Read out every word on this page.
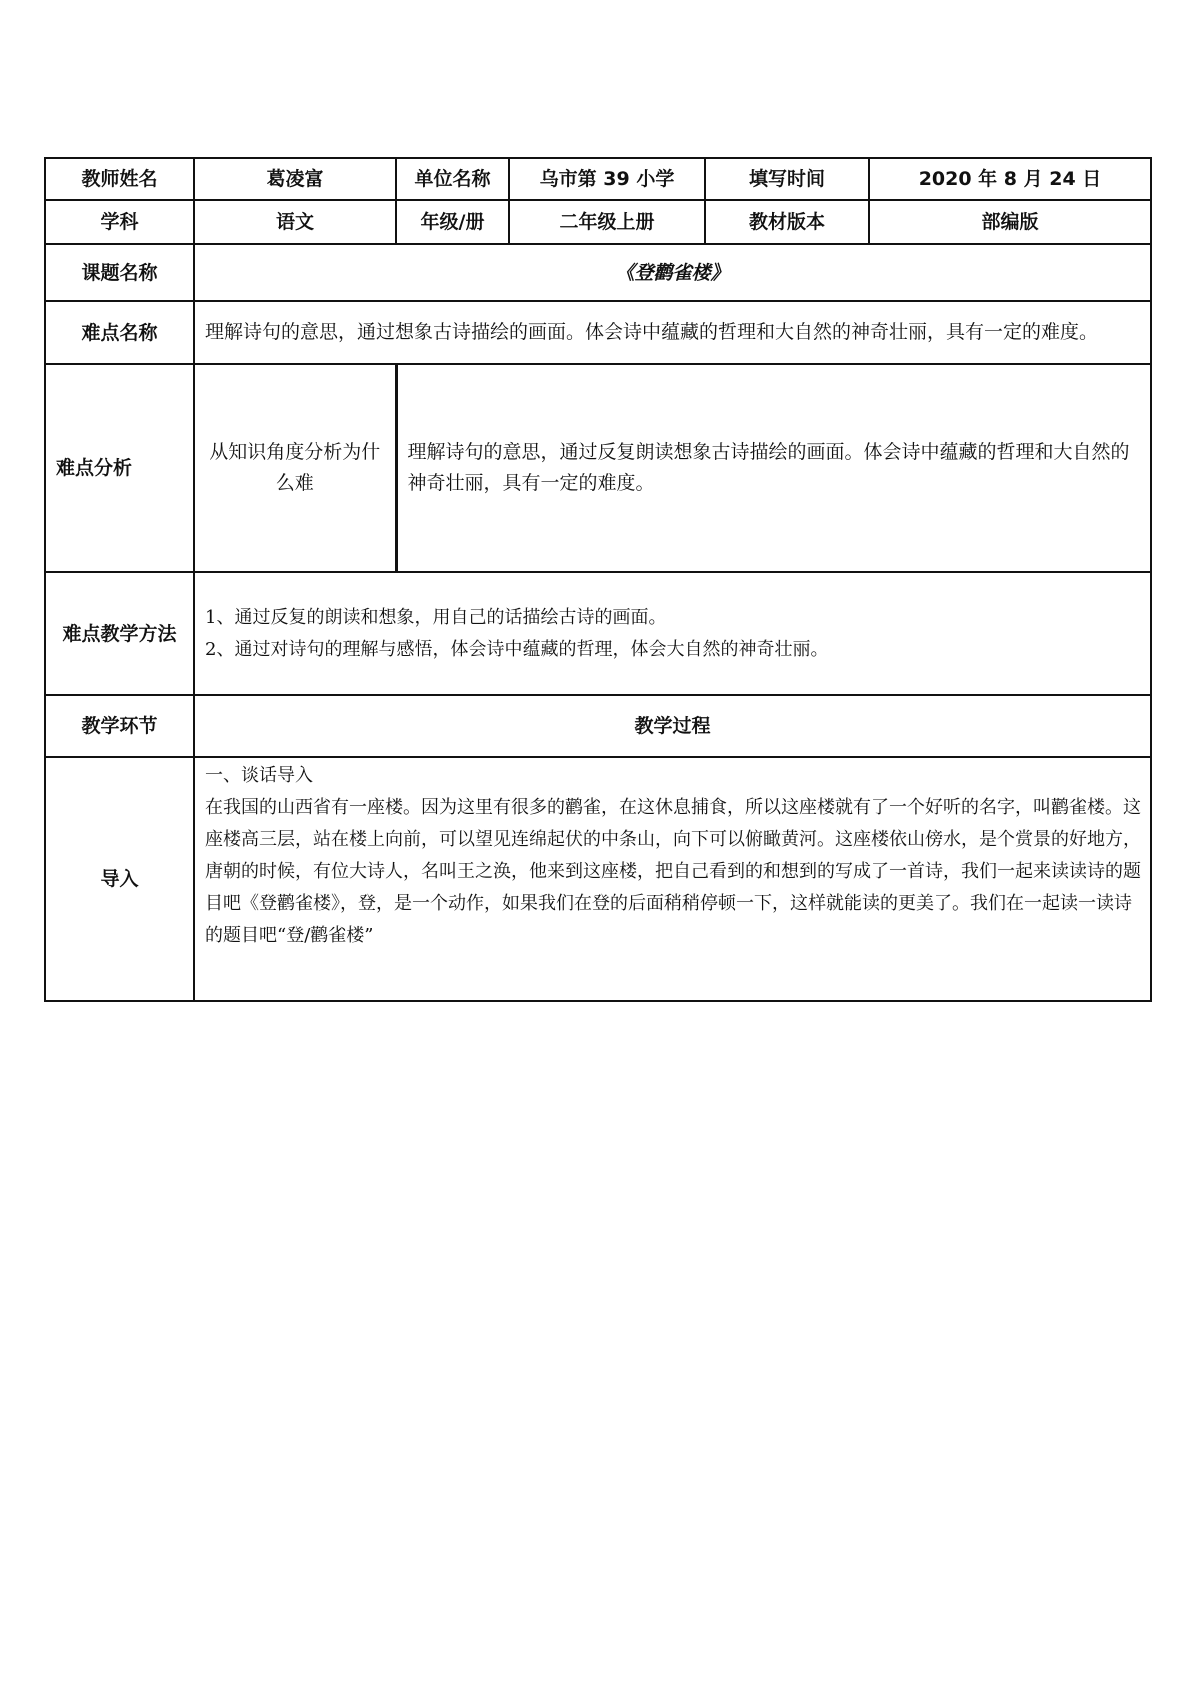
教师姓名	葛凌富	单位名称	乌市第 39 小学	填写时间	2020 年 8 月 24 日
学科	语文	年级/册	二年级上册	教材版本	部编版
课题名称	《登鹳雀楼》				
难点名称	理解诗句的意思，通过想象古诗描绘的画面。体会诗中蕴藏的哲理和大自然的神奇壮丽，具有一定的难度。				
难点分析	从知识角度分析为什么难	理解诗句的意思，通过反复朗读想象古诗描绘的画面。体会诗中蕴藏的哲理和大自然的神奇壮丽，具有一定的难度。			
难点教学方法	1、通过反复的朗读和想象，用自己的话描绘古诗的画面。
2、通过对诗句的理解与感悟，体会诗中蕴藏的哲理，体会大自然的神奇壮丽。				

教学环节	教学过程				
导入	一、谈话导入
在我国的山西省有一座楼。因为这里有很多的鹳雀，在这休息捕食，所以这座楼就有了一个好听的名字，叫鹳雀楼。这座楼高三层，站在楼上向前，可以望见连绵起伏的中条山，向下可以俯瞰黄河。这座楼依山傍水，是个赏景的好地方，唐朝的时候，有位大诗人，名叫王之涣，他来到这座楼，把自己看到的和想到的写成了一首诗，我们一起来读读诗的题目吧《登鹳雀楼》，登，是一个动作，如果我们在登的后面稍稍停顿一下，这样就能读的更美了。我们在一起读一读诗的题目吧“登/鹳雀楼”				
